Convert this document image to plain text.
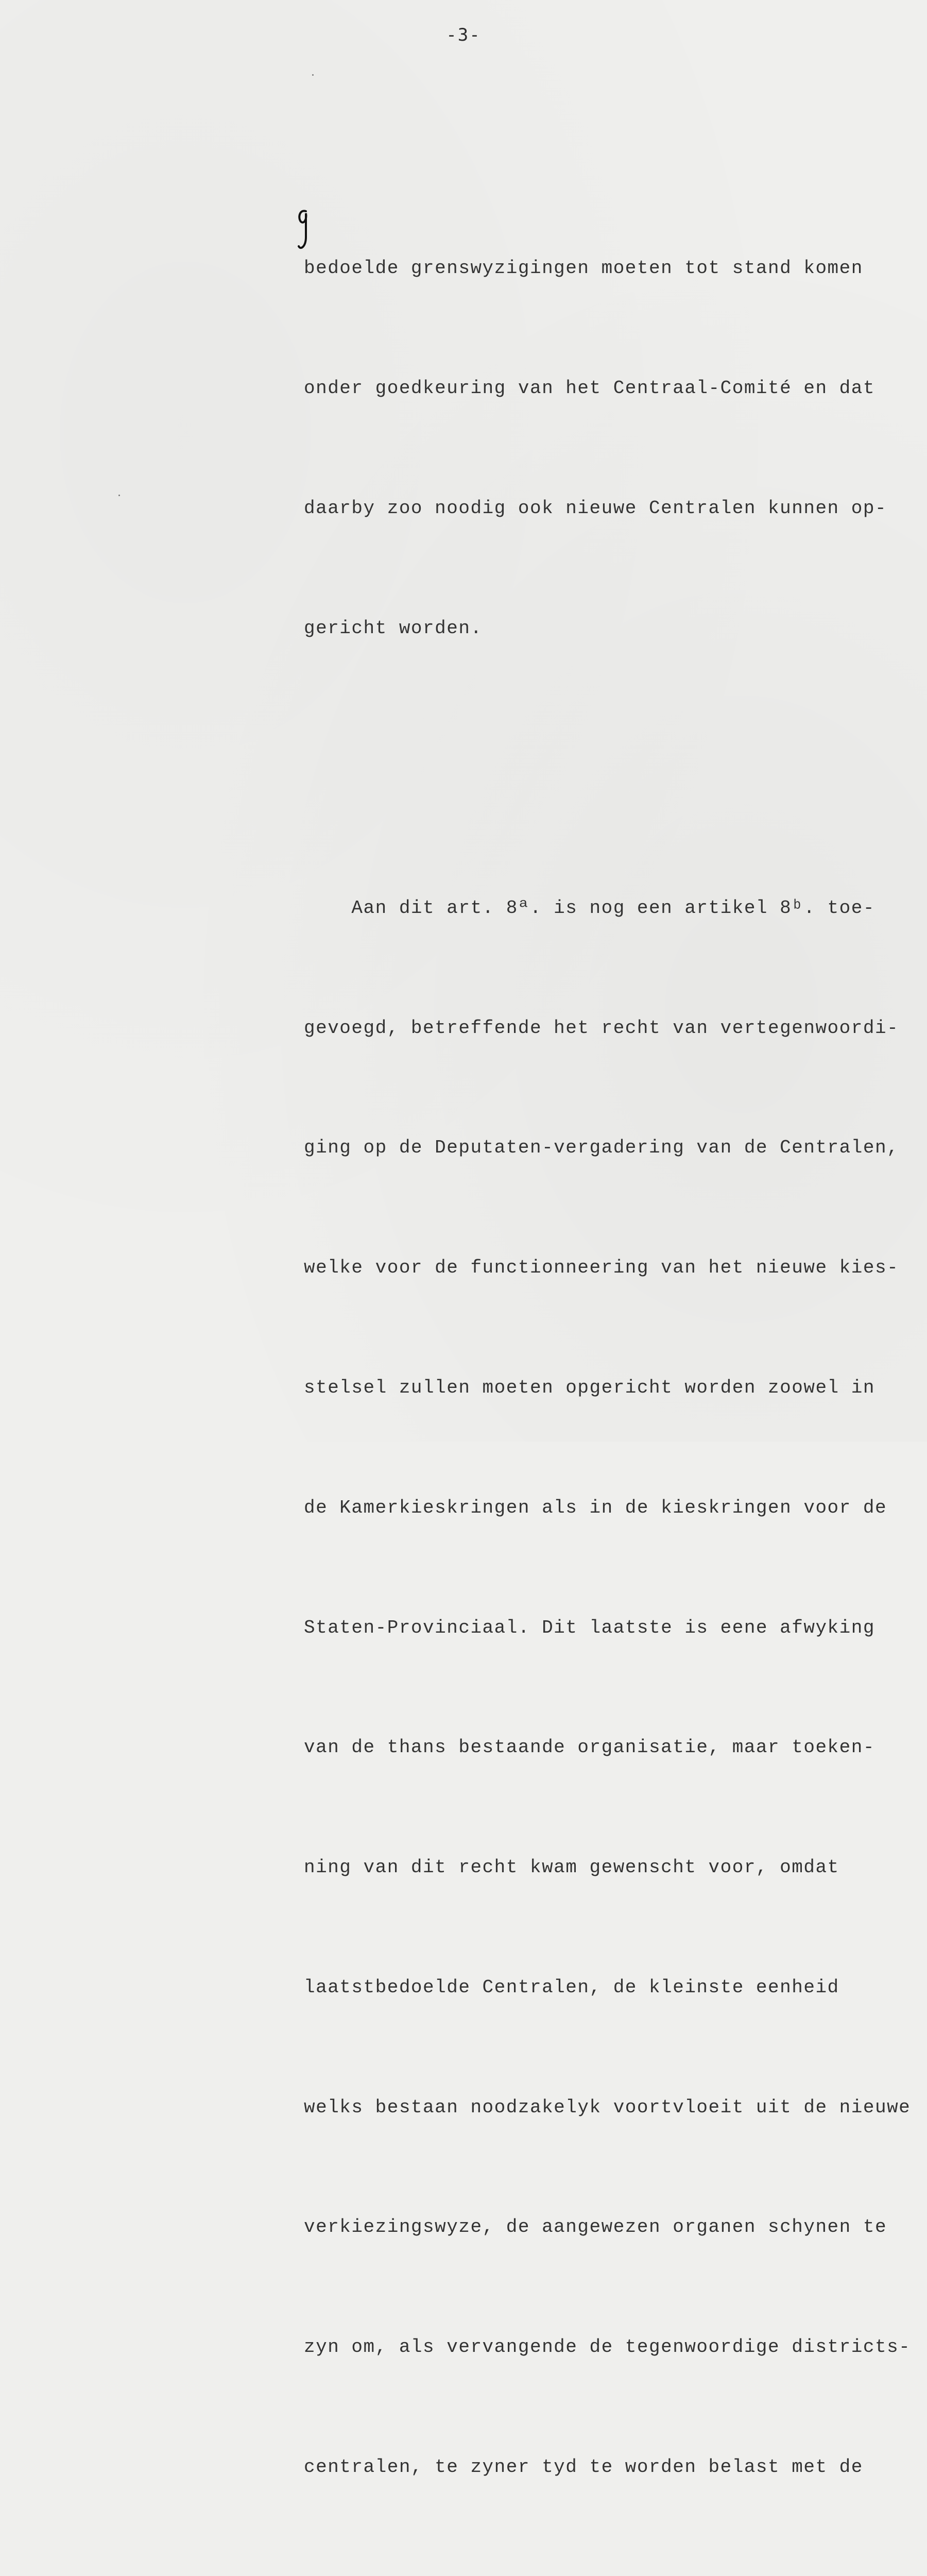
-3-

bedoelde grenswyzigingen moeten tot stand komen

onder goedkeuring van het Centraal-Comité en dat

daarby zoo noodig ook nieuwe Centralen kunnen op-

gericht worden.

Aan dit art. 8ª. is nog een artikel 8ᵇ. toe-

gevoegd, betreffende het recht van vertegenwoordi-

ging op de Deputaten-vergadering van de Centralen,

welke voor de functionneering van het nieuwe kies-

stelsel zullen moeten opgericht worden zoowel in

de Kamerkieskringen als in de kieskringen voor de

Staten-Provinciaal. Dit laatste is eene afwyking

van de thans bestaande organisatie, maar toeken-

ning van dit recht kwam gewenscht voor, omdat

laatstbedoelde Centralen, de kleinste eenheid

welks bestaan noodzakelyk voortvloeit uit de nieuwe

verkiezingswyze, de aangewezen organen schynen te

zyn om, als vervangende de tegenwoordige districts-

centralen, te zyner tyd te worden belast met de
